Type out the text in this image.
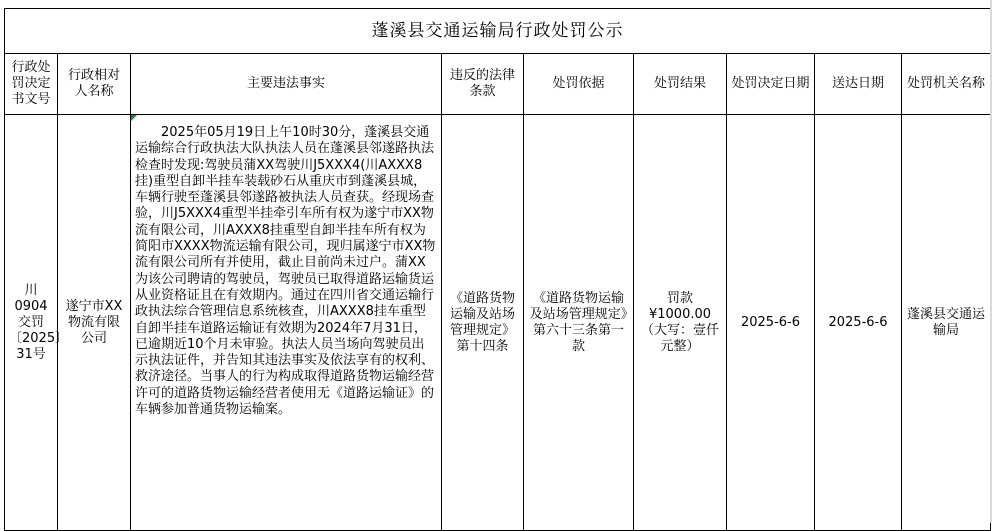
蓬溪县交通运输局行政处罚公示								
行政处罚决定书文号	行政相对人名称	主要违法事实	违反的法律条款	处罚依据	处罚结果	处罚决定日期	送达日期	处罚机关名称
川0904交罚〔2025〕31号	遂宁市XX物流有限公司	2025年05月19日上午10时30分，蓬溪县交通运输综合行政执法大队执法人员在蓬溪县邻遂路执法检查时发现:驾驶员蒲XX驾驶川J5XXX4(川AXXX8挂)重型自卸半挂车装载砂石从重庆市到蓬溪县城，车辆行驶至蓬溪县邻遂路被执法人员查获。经现场查验，川J5XXX4重型半挂牵引车所有权为遂宁市XX物流有限公司，川AXXX8挂重型自卸半挂车所有权为简阳市XXXX物流运输有限公司，现归属遂宁市XX物流有限公司所有并使用，截止目前尚未过户。蒲XX为该公司聘请的驾驶员，驾驶员已取得道路运输货运从业资格证且在有效期内。通过在四川省交通运输行政执法综合管理信息系统核查，川AXXX8挂车重型自卸半挂车道路运输证有效期为2024年7月31日，已逾期近10个月未审验。执法人员当场向驾驶员出示执法证件，并告知其违法事实及依法享有的权利、救济途径。当事人的行为构成取得道路货物运输经营许可的道路货物运输经营者使用无《道路运输证》的车辆参加普通货物运输案。	《道路货物运输及站场管理规定》第十四条	《道路货物运输及站场管理规定》第六十三条第一款	罚款¥1000.00（大写：壹仟元整）	2025-6-6	2025-6-6	蓬溪县交通运输局
